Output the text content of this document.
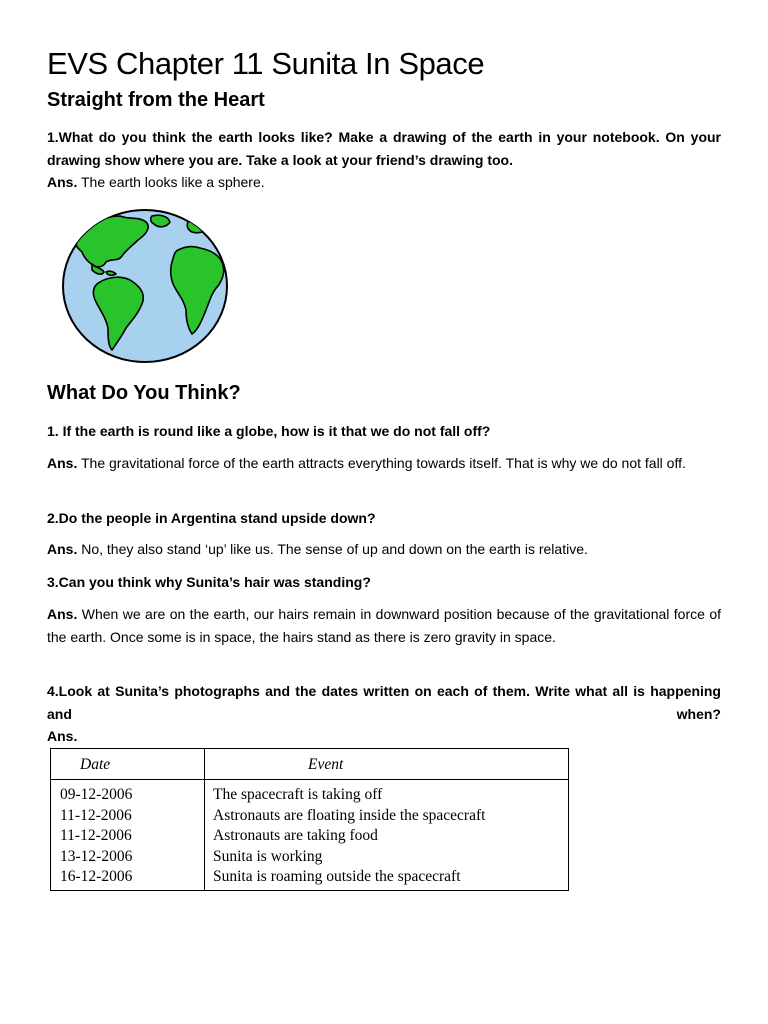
EVS Chapter 11 Sunita In Space
Straight from the Heart

1.What do you think the earth looks like? Make a drawing of the earth in your notebook. On your drawing show where you are. Take a look at your friend’s drawing too.
Ans. The earth looks like a sphere.

What Do You Think?

1. If the earth is round like a globe, how is it that we do not fall off?

Ans. The gravitational force of the earth attracts everything towards itself. That is why we do not fall off.

2.Do the people in Argentina stand upside down?

Ans. No, they also stand ‘up’ like us. The sense of up and down on the earth is relative.

3.Can you think why Sunita’s hair was standing?

Ans. When we are on the earth, our hairs remain in downward position because of the gravitational force of the earth. Once some is in space, the hairs stand as there is zero gravity in space.

4.Look at Sunita’s photographs and the dates written on each of them. Write what all is happening and when?
Ans.

Date	Event
09-12-2006
11-12-2006
11-12-2006
13-12-2006
16-12-2006
The spacecraft is taking off
Astronauts are floating inside the spacecraft
Astronauts are taking food
Sunita is working
Sunita is roaming outside the spacecraft
